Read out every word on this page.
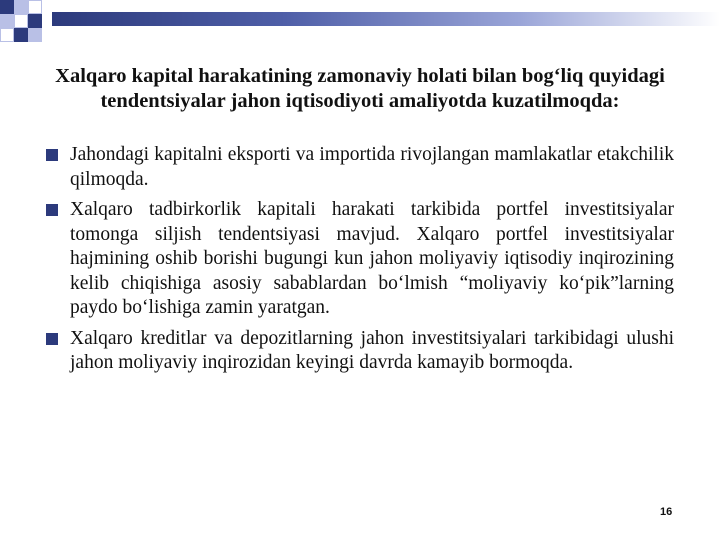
Xalqaro kapital harakatining zamonaviy holati bilan bog‘liq quyidagi tendentsiyalar jahon iqtisodiyoti amaliyotda kuzatilmoqda:
Jahondagi kapitalni eksporti va importida rivojlangan mamlakatlar etakchilik qilmoqda.
Xalqaro tadbirkorlik kapitali harakati tarkibida portfel investitsiyalar tomonga siljish tendentsiyasi mavjud. Xalqaro portfel investitsiyalar hajmining oshib borishi bugungi kun jahon moliyaviy iqtisodiy inqirozining kelib chiqishiga asosiy sabablardan bo‘lmish “moliyaviy ko‘pik”larning paydo bo‘lishiga zamin yaratgan.
Xalqaro kreditlar va depozitlarning jahon investitsiyalari tarkibidagi ulushi jahon moliyaviy inqirozidan keyingi davrda kamayib bormoqda.
16
